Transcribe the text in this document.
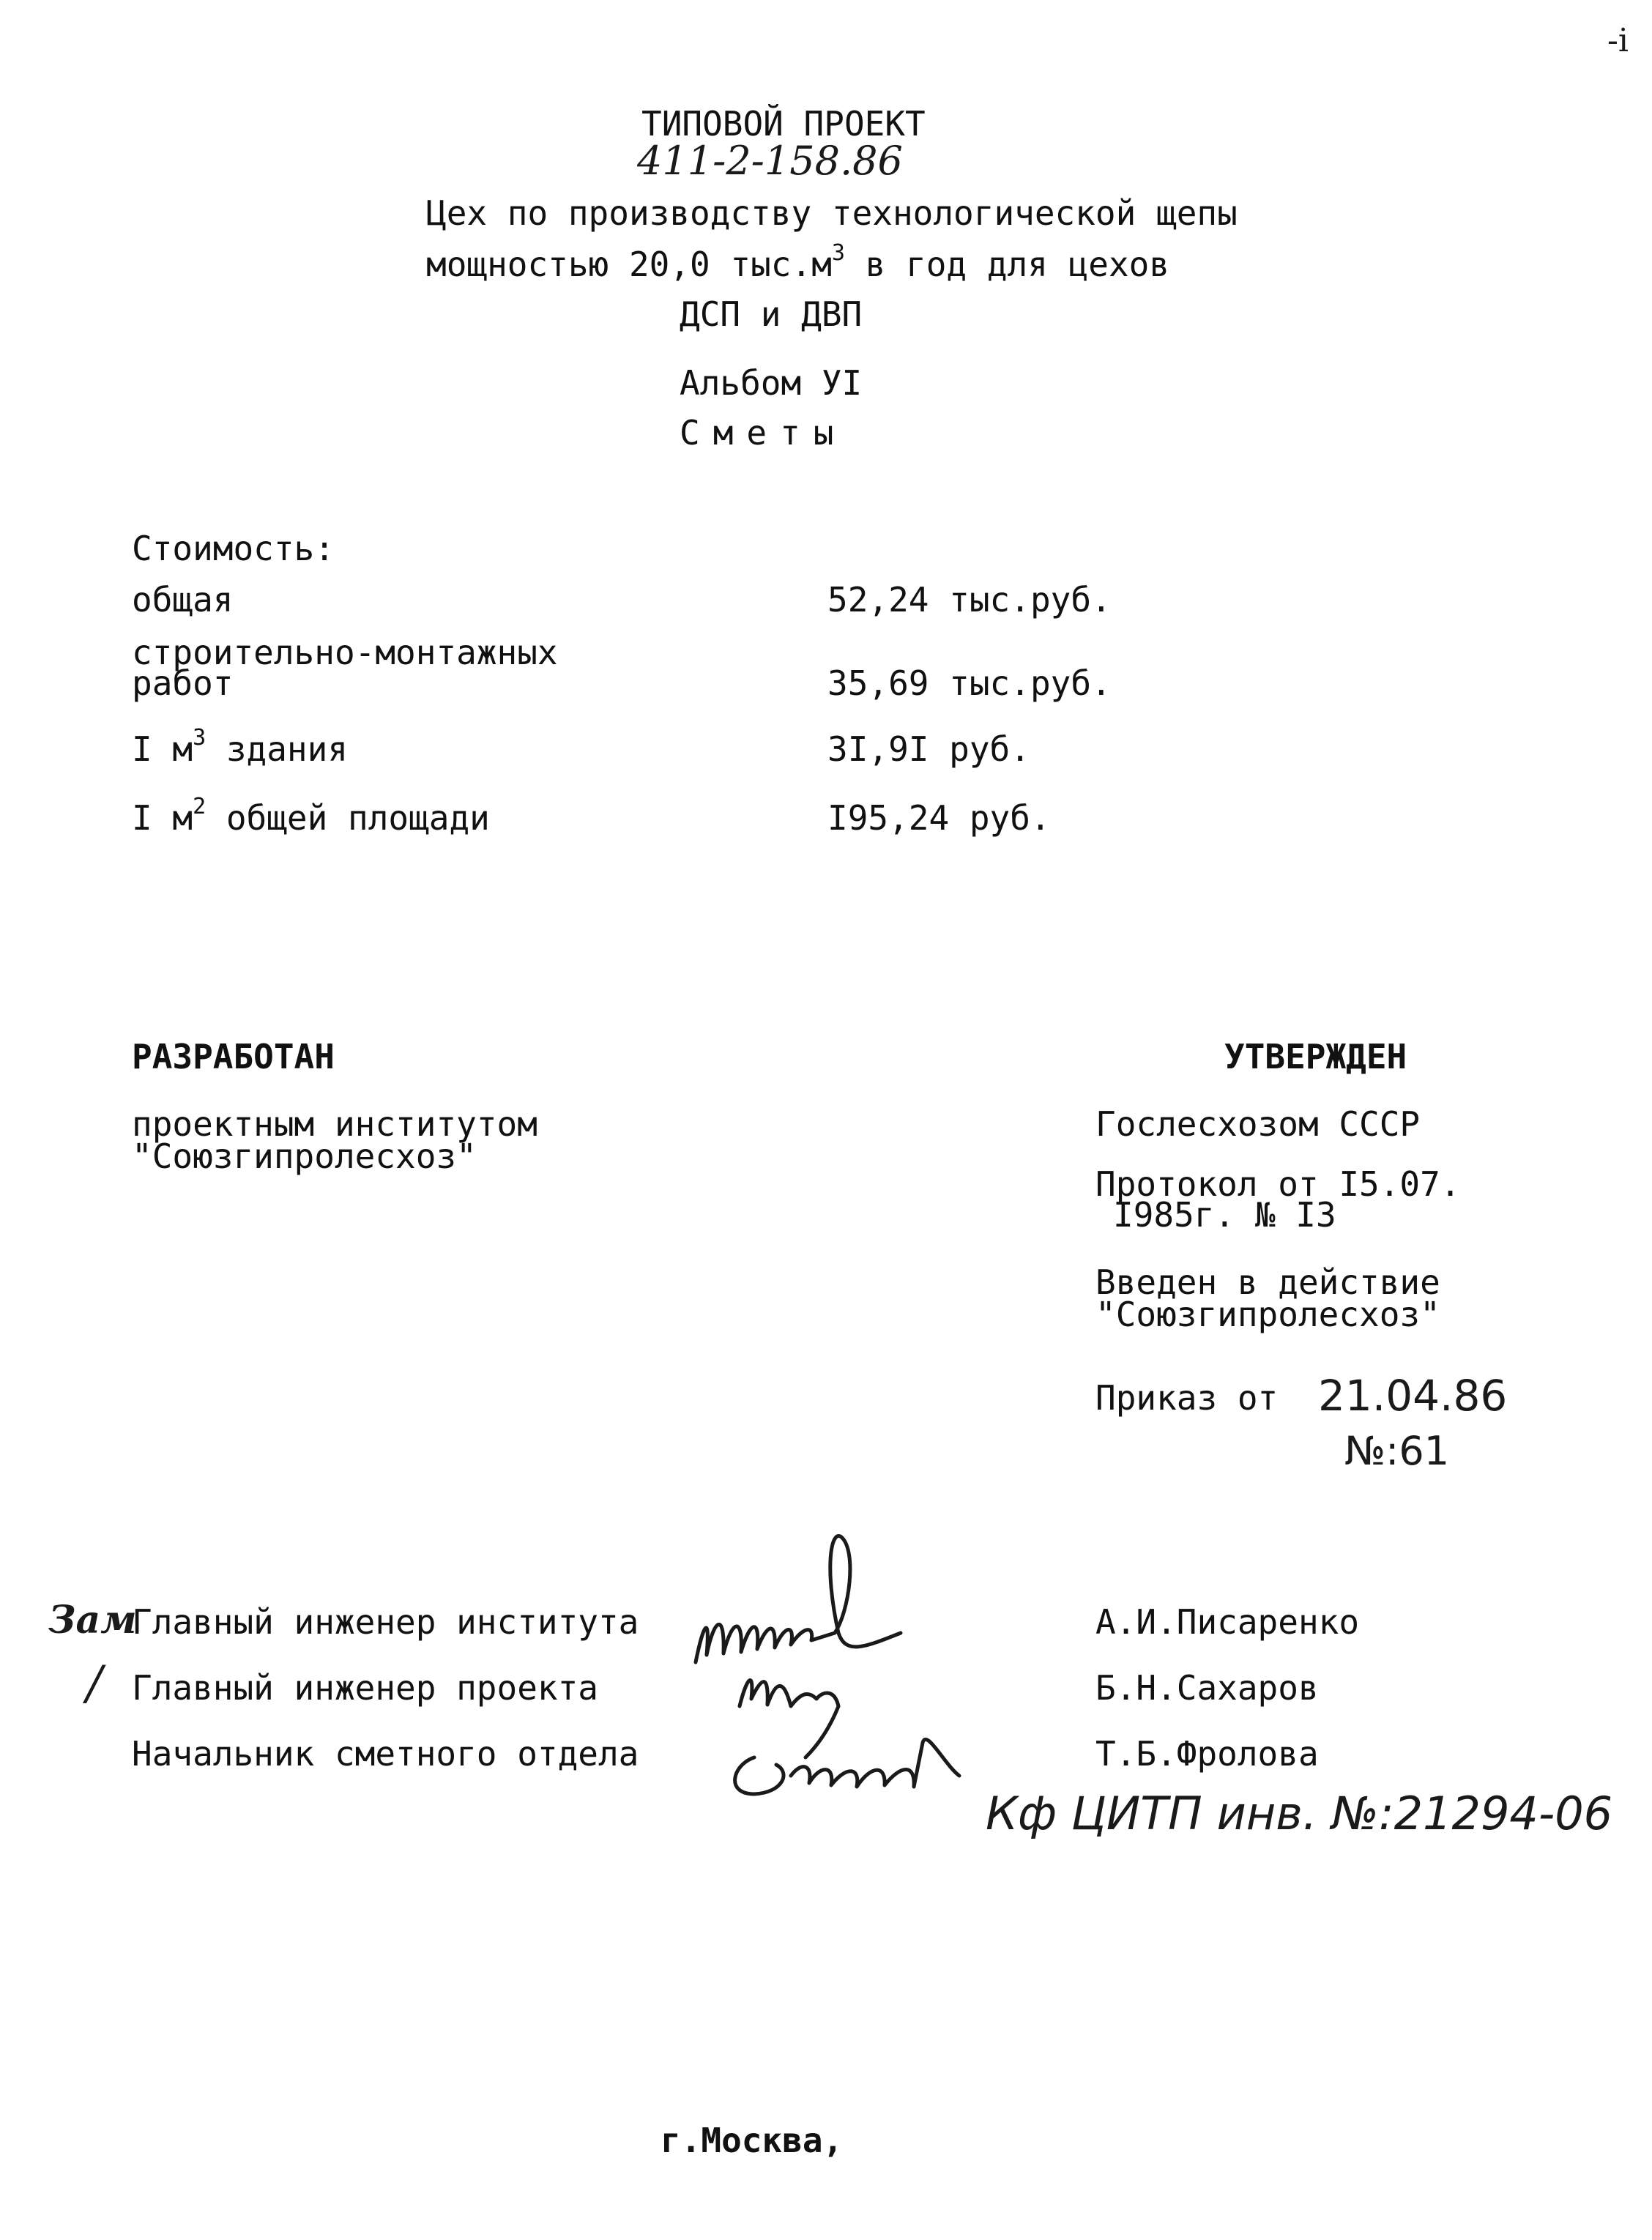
-i
ТИПОВОЙ ПРОЕКТ
411-2-158.86
Цех по производству технологической щепы
мощностью 20,0 $тыс.м^3$ в год для цехов
ДСП и ДВП
Альбом УI
Сметы
Стоимость:
общая	52,24 тыс.руб.
строительно-монтажных
работ	35,69 тыс.руб.
I $м^3$ здания	3I,9I руб.
I $м^2$ общей площади	I95,24 руб.
РАЗРАБОТАН
проектным институтом
"Союзгипролесхоз"
УТВЕРЖДЕН
Гослесхозом СССР
Протокол от I5.07.
I985г. № I3
Введен в действие
"Союзгипролесхоз"
Приказ от 21.04.86
№:61
Зам
Главный инженер института	А.И.Писаренко
/ Главный инженер проекта	Б.Н.Сахаров
Начальник сметного отдела	Т.Б.Фролова
Кф ЦИТП инв. №:21294-06
г.Москва,
